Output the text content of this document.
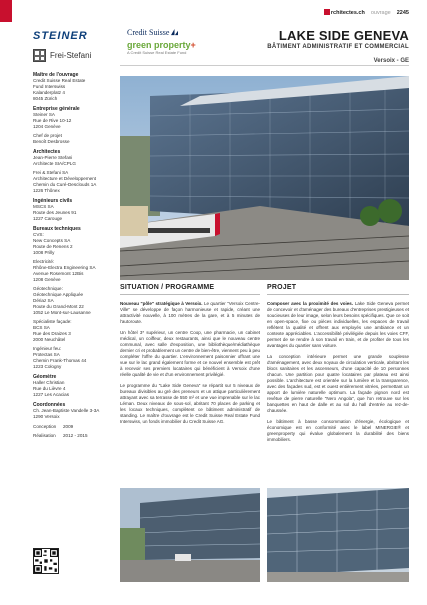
rchitectes.ch ouvrage 2245
STEINER	Credit Suisse
green property+
A Credit Suisse Real Estate Fund
Frei-Stefani
LAKE SIDE GENEVA
BÂTIMENT ADMINISTRATIF ET COMMERCIAL
Versoix - GE
Maître de l'ouvrage
Credit Suisse Real Estate
Fund Interswiss
Kalanderplatz 4
8045 Zürich
Entreprise générale
Steiner SA
Rue de Rive 10-12
1204 Genève
Chef de projet
Benoît Desbrosse
Architectes
Jean-Pierre Stefani
Architecte SIA/CPLG
Frei & Stefani SA
Architecture et Développement
Chemin du Curé-Desclouds 1A
1226 Thônex
Ingénieurs civils
MSCS SA
Route des Jeunes 91
1227 Carouge
Bureaux techniques
CVS:
New Concepts SA
Route de Renens 2
1008 Prilly
Electricité:
Rhône-Electra Engineering SA
Avenue Rosemont 12Bis
1208 Genève
Géotechnique:
Géotechnique Appliquée
Dériaz SA
Route du Grand-Mont 22
1052 Le Mont-sur-Lausanne
Spécialiste façade:
BCS SA
Rue des Draizes 3
2000 Neuchâtel
Ingénieur feu:
Protectas SA
Chemin Frank-Thomas 44
1223 Cologny
Géomètre
Haller Christian
Rue du Lièvre 4
1227 Les Acacias
Coordonnées
Ch. Jean-Baptiste Vandelle 3-3A
1290 Versoix
Conception	2009
Réalisation	2012 - 2015
SITUATION / PROGRAMME

Nouveau "pôle" stratégique à Versoix. Le quartier "Versoix Centre-Ville" se développe de façon harmonieuse et rapide, créant une attractivité nouvelle, à 100 mètres de la gare, et à 5 minutes de l'autoroute.

Un hôtel 3* supérieur, un centre Coop, une pharmacie, un cabinet médical, un coiffeur, deux restaurants, ainsi que le nouveau centre communal, avec salle d'exposition, une bibliothèque/médiathèque dernier cri et probablement un centre de bien-être, viennent peu à peu compléter l'offre du quartier. L'environnement paisonnier offrant une vue sur le lac grand également forme et ce nouvel ensemble est prêt à recevoir ses premiers locataires qui bénéficient à Versoix d'une réelle qualité de vie et d'un environnement privilégié.

Le programme du "Lake Side Geneva" se répartit sur 5 niveaux de bureaux divisibles au gré des preneurs et un attique particulièrement attrayant avec sa terrasse de 550 m² et une vue imprenable sur le lac Léman. Deux niveaux de sous-sol, abritant 70 places de parking et les locaux techniques, complètent ce bâtiment administratif de standing. Le maître d'ouvrage est le Credit Suisse Real Estate Fund Interswiss, un fonds immobilier du Credit Suisse AG.

PROJET

Composer avec la proximité des voies. Lake Side Geneva permet de concevoir et d'aménager des bureaux d'entreprises prestigieuses et soucieuses de leur image, selon leurs besoins spécifiques. Que ce soit en open-space, fixe ou pièces individuelles, les espaces de travail reflètent la qualité et offrent aux employés une ambiance et un contexte appréciables. L'accessibilité privilégiée depuis les voies CFF, permet de se rendre à son travail en train, et de profiter de tous les avantages du quartier sans voiture.

La conception intérieure permet une grande souplesse d'aménagement, avec deux noyaux de circulation verticale, abritant les blocs sanitaires et les ascenseurs, d'une capacité de 10 personnes chacun. Une partition pour quatre locataires par plateau est ainsi possible. L'architecture est orientée sur la lumière et la transparence, avec des façades sud, est et ouest entièrement vitrées, permettant un apport de lumière naturelle optimum. La façade pignon nord est revêtue de pierre naturelle "Nero Angola", que l'on retrouve sur les banquettes en haut de dalle et au sol du hall d'entrée au rez-de-chaussée.

Le bâtiment à basse consommation d'énergie, écologique et économique est en conformité avec le label MINERGIE® et greenproperty qui évalue globalement la durabilité des biens immobiliers.
